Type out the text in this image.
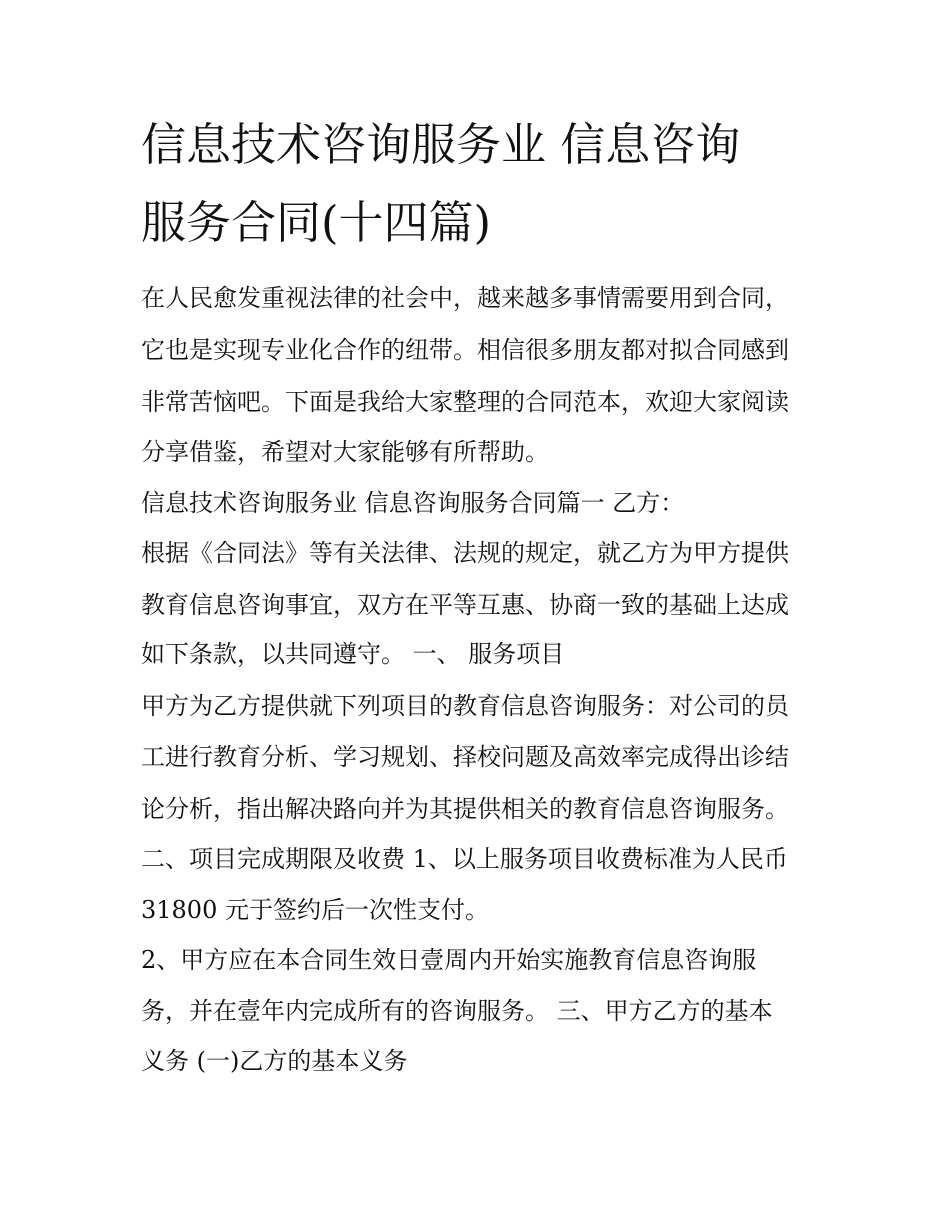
信息技术咨询服务业 信息咨询
服务合同(十四篇)
在人民愈发重视法律的社会中，越来越多事情需要用到合同，
它也是实现专业化合作的纽带。相信很多朋友都对拟合同感到
非常苦恼吧。下面是我给大家整理的合同范本，欢迎大家阅读
分享借鉴，希望对大家能够有所帮助。
信息技术咨询服务业 信息咨询服务合同篇一 乙方：
根据《合同法》等有关法律、法规的规定，就乙方为甲方提供
教育信息咨询事宜，双方在平等互惠、协商一致的基础上达成
如下条款，以共同遵守。 一、 服务项目
甲方为乙方提供就下列项目的教育信息咨询服务：对公司的员
工进行教育分析、学习规划、择校问题及高效率完成得出诊结
论分析，指出解决路向并为其提供相关的教育信息咨询服务。
二、项目完成期限及收费 1、以上服务项目收费标准为人民币
31800 元于签约后一次性支付。
2、甲方应在本合同生效日壹周内开始实施教育信息咨询服
务，并在壹年内完成所有的咨询服务。 三、甲方乙方的基本
义务 (一)乙方的基本义务
